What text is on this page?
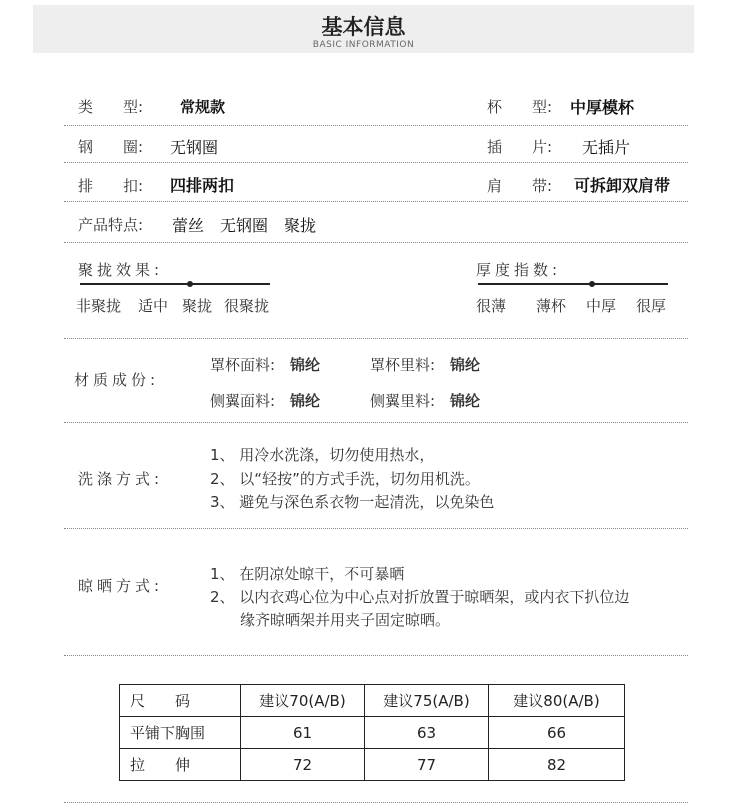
基本信息
BASIC INFORMATION
类　　型: 常规款	杯　　型: 中厚模杯
钢　　圈: 无钢圈	插　　片: 无插片
排　　扣: 四排两扣	肩　　带: 可拆卸双肩带
产品特点: 蕾丝　无钢圈　聚拢
聚拢效果:
非聚拢 适中 聚拢 很聚拢
厚度指数:
很薄 薄杯 中厚 很厚
材质成份:
罩杯面料: 锦纶	罩杯里料: 锦纶
侧翼面料: 锦纶	侧翼里料: 锦纶
洗涤方式:
1、 用冷水洗涤，切勿使用热水，
2、 以“轻按”的方式手洗，切勿用机洗。
3、 避免与深色系衣物一起清洗，以免染色
晾晒方式:
1、 在阴凉处晾干，不可暴晒
2、 以内衣鸡心位为中心点对折放置于晾晒架，或内衣下扒位边
缘齐晾晒架并用夹子固定晾晒。
尺　　码	建议70(A/B)	建议75(A/B)	建议80(A/B)
平铺下胸围	61	63	66
拉　　伸	72	77	82
